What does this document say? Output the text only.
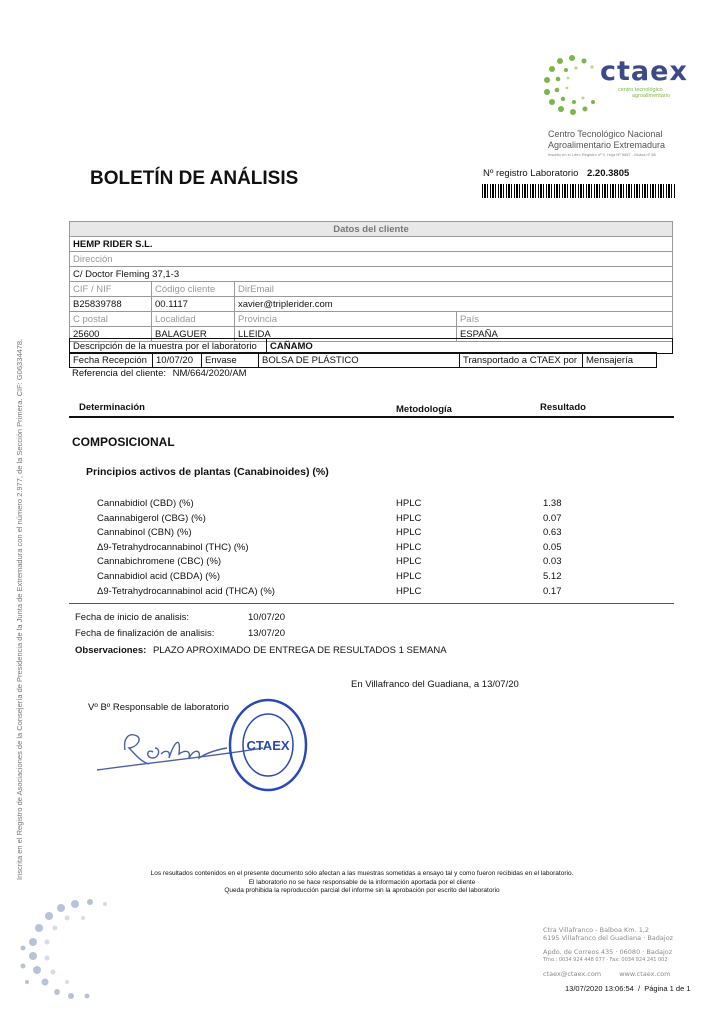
ctaex
centro tecnológico
agroalimentario
Centro Tecnológico Nacional
Agroalimentario Extremadura
Inscrito en el Libro Registro nº 0, Hoja Nº 5657 - Mutua nº 88
BOLETÍN DE ANÁLISIS	Nº registro Laboratorio 2.20.3805
Datos del cliente			
HEMP RIDER S.L.			
Dirección			
C/ Doctor Fleming 37,1-3			
CIF / NIF	Código cliente	DirEmail	
B25839788	00.1117	xavier@triplerider.com	
C postal	Localidad	Provincia	País
25600	BALAGUER	LLEIDA	ESPAÑA
Descripción de la muestra por el laboratorio	CAÑAMO
Fecha Recepción	10/07/20	Envase	BOLSA DE PLÁSTICO	Transportado a CTAEX por	Mensajería
Referencia del cliente: NM/664/2020/AM
Determinación	Metodología	Resultado
COMPOSICIONAL
Principios activos de plantas (Canabinoides) (%)
Cannabidiol (CBD) (%)	HPLC	1.38
Caannabigerol (CBG) (%)	HPLC	0.07
Cannabinol (CBN) (%)	HPLC	0.63
Δ9-Tetrahydrocannabinol (THC) (%)	HPLC	0.05
Cannabichromene (CBC) (%)	HPLC	0.03
Cannabidiol acid (CBDA) (%)	HPLC	5.12
Δ9-Tetrahydrocannabinol acid (THCA) (%)	HPLC	0.17
Fecha de inicio de analisis:	10/07/20
Fecha de finalización de analisis:	13/07/20
Observaciones: PLAZO APROXIMADO DE ENTREGA DE RESULTADOS 1 SEMANA
En Villafranco del Guadiana, a 13/07/20
Vº Bº Responsable de laboratorio
CTAEX
Los resultados contenidos en el presente documento sólo afectan a las muestras sometidas a ensayo tal y como fueron recibidas en el laboratorio.
El laboratorio no se hace responsable de la información aportada por el cliente
Queda prohibida la reproducción parcial del informe sin la aprobación por escrito del laboratorio
Ctra Villafranco - Balboa Km. 1,2
6195 Villafranco del Guadiana · Badajoz
Apdo. de Correos 435 · 06080 · Badajoz
Tfno.: 0034 924 448 077 · Fax: 0034 924 241 002
ctaex@ctaex.com	www.ctaex.com
13/07/2020 13:06:54  /  Página 1 de 1
Inscrita en el Registro de Asociaciones de la Consejería de Presidencia de la Junta de Extremadura con el número 2.977, de la Sección Primera. CIF: G06334478.
